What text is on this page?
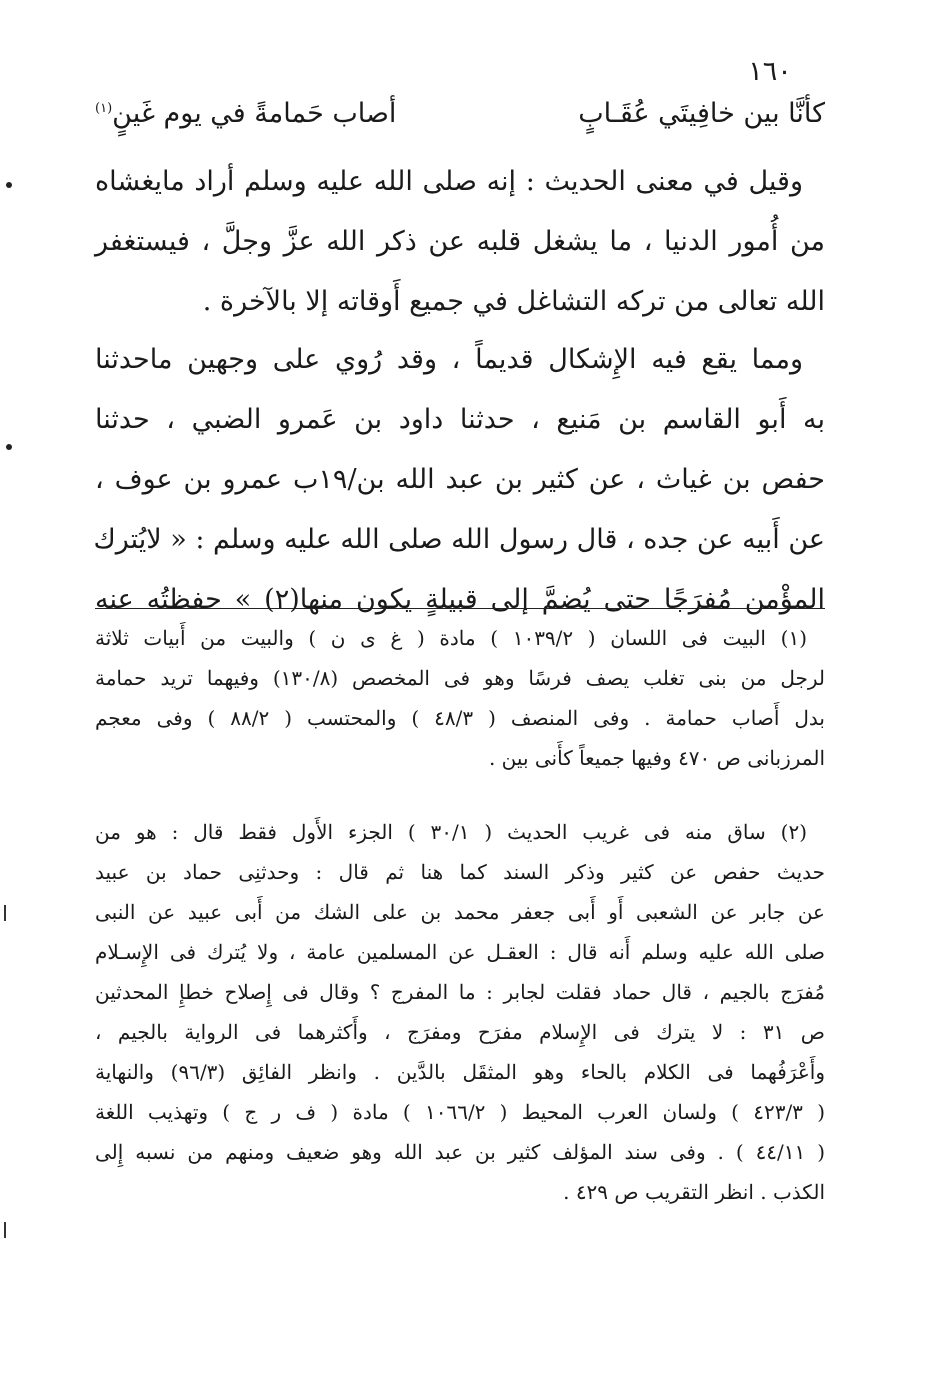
١٦٠
كأنَّا بين خافِيتَي عُقَـابٍ
أصاب حَمامةً في يوم غَينٍ$^{(١)}$
وقيل في معنى الحديث : إنه صلى الله عليه وسلم أراد مايغشاه
من أُمور الدنيا ، ما يشغل قلبه عن ذكر الله عزَّ وجلَّ ، فيستغفر
الله تعالى من تركه التشاغل في جميع أَوقاته إلا بالآخرة .
ومما يقع فيه الإِشكال قديماً ، وقد رُوي على وجهين ماحدثنا
به أَبو القاسم بن مَنيع ، حدثنا داود بن عَمرو الضبي ، حدثنا
حفص بن غياث ، عن كثير بن عبد الله بن/١٩ب عمرو بن عوف ،
عن أَبيه عن جده ، قال رسول الله صلى الله عليه وسلم : « لايُترك
المؤْمن مُفرَجًا حتى يُضمَّ إلى قبيلةٍ يكون منها(٢) » حفظتُه عنه
(١) البيت فى اللسان ( ١٠٣٩/٢ ) مادة ( غ ى ن ) والبيت من أَبيات ثلاثة
لرجل من بنى تغلب يصف فرسًا وهو فى المخصص (١٣٠/٨) وفيهما تريد حمامة
بدل أَصاب حمامة . وفى المنصف ( ٤٨/٣ ) والمحتسب ( ٨٨/٢ ) وفى معجم
المرزبانى ص ٤٧٠ وفيها جميعاً كأَنى بين .
(٢) ساق منه فى غريب الحديث ( ٣٠/١ ) الجزء الأَول فقط قال : هو من
حديث حفص عن كثير وذكر السند كما هنا ثم قال : وحدثنِى حماد بن عبيد
عن جابر عن الشعبى أَو أَبى جعفر محمد بن على الشك من أَبى عبيد عن النبى
صلى الله عليه وسلم أَنه قال : العقـل عن المسلمين عامة ، ولا يُترك فى الإِسـلام
مُفرَج بالجيم ، قال حماد فقلت لجابر : ما المفرج ؟ وقال فى إِصلاح خطإِ المحدثين
ص ٣١ : لا يترك فى الإِسلام مفرَح ومفرَج ، وأَكثرهما فى الرواية بالجيم ،
وأَعْرَفُهما فى الكلام بالحاء وهو المثقَل بالدَّين . وانظر الفائِق (٩٦/٣) والنهاية
( ٤٢٣/٣ ) ولسان العرب المحيط ( ١٠٦٦/٢ ) مادة ( ف ر ج ) وتهذيب اللغة
( ٤٤/١١ ) . وفى سند المؤلف كثير بن عبد الله وهو ضعيف ومنهم من نسبه إِلى
الكذب . انظر التقريب ص ٤٢٩ .
